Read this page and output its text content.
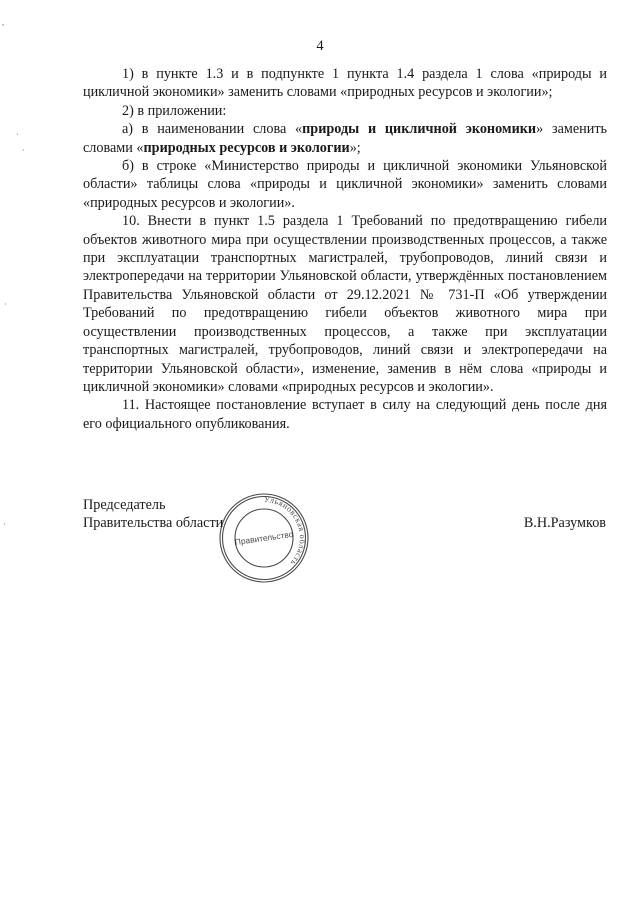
,
·
·
·
·
4

1) в пункте 1.3 и в подпункте 1 пункта 1.4 раздела 1 слова «природы и цикличной экономики» заменить словами «природных ресурсов и экологии»;

2) в приложении:

а) в наименовании слова «природы и цикличной экономики» заменить словами «природных ресурсов и экологии»;

б) в строке «Министерство природы и цикличной экономики Ульяновской области» таблицы слова «природы и цикличной экономики» заменить словами «природных ресурсов и экологии».

10. Внести в пункт 1.5 раздела 1 Требований по предотвращению гибели объектов животного мира при осуществлении производственных процессов, а также при эксплуатации транспортных магистралей, трубопроводов, линий связи и электропередачи на территории Ульяновской области, утверждённых постановлением Правительства Ульяновской области от 29.12.2021 № 731-П «Об утверждении Требований по предотвращению гибели объектов животного мира при осуществлении производственных процессов, а также при эксплуатации транспортных магистралей, трубопроводов, линий связи и электропередачи на территории Ульяновской области», изменение, заменив в нём слова «природы и цикличной экономики» словами «природных ресурсов и экологии».

11. Настоящее постановление вступает в силу на следующий день после дня его официального опубликования.

Председатель
Правительства области
Ульяновская область
Правительство
В.Н.Разумков
